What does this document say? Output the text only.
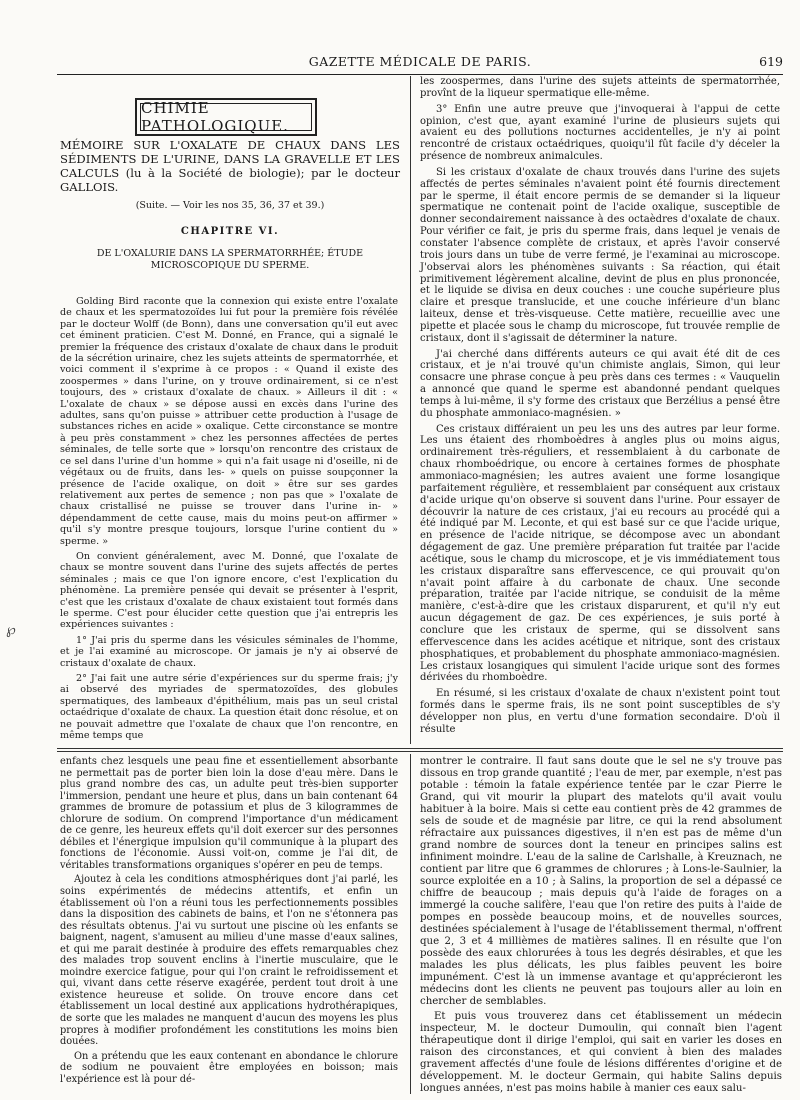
GAZETTE MÉDICALE DE PARIS.	619
CHIMIE PATHOLOGIQUE.
MÉMOIRE SUR L'OXALATE DE CHAUX DANS LES SÉDIMENTS DE L'URINE, DANS LA GRAVELLE ET LES CALCULS (lu à la Société de biologie); par le docteur GALLOIS.
(Suite. — Voir les nos 35, 36, 37 et 39.)
CHAPITRE VI.
DE L'OXALURIE DANS LA SPERMATORRHÉE; ÉTUDE MICROSCOPIQUE DU SPERME.

Golding Bird raconte que la connexion qui existe entre l'oxalate de chaux et les spermatozoïdes lui fut pour la première fois révélée par le docteur Wolff (de Bonn), dans une conversation qu'il eut avec cet éminent praticien. C'est M. Donné, en France, qui a signalé le premier la fréquence des cristaux d'oxalate de chaux dans le produit de la sécrétion urinaire, chez les sujets atteints de spermatorrhée, et voici comment il s'exprime à ce propos : « Quand il existe des zoospermes » dans l'urine, on y trouve ordinairement, si ce n'est toujours, des » cristaux d'oxalate de chaux. » Ailleurs il dit : « L'oxalate de chaux » se dépose aussi en excès dans l'urine des adultes, sans qu'on puisse » attribuer cette production à l'usage de substances riches en acide » oxalique. Cette circonstance se montre à peu près constamment » chez les personnes affectées de pertes séminales, de telle sorte que » lorsqu'on rencontre des cristaux de ce sel dans l'urine d'un homme » qui n'a fait usage ni d'oseille, ni de végétaux ou de fruits, dans les- » quels on puisse soupçonner la présence de l'acide oxalique, on doit » être sur ses gardes relativement aux pertes de semence ; non pas que » l'oxalate de chaux cristallisé ne puisse se trouver dans l'urine in- » dépendamment de cette cause, mais du moins peut-on affirmer » qu'il s'y montre presque toujours, lorsque l'urine contient du » sperme. »

On convient généralement, avec M. Donné, que l'oxalate de chaux se montre souvent dans l'urine des sujets affectés de pertes séminales ; mais ce que l'on ignore encore, c'est l'explication du phénomène. La première pensée qui devait se présenter à l'esprit, c'est que les cristaux d'oxalate de chaux existaient tout formés dans le sperme. C'est pour élucider cette question que j'ai entrepris les expériences suivantes :

1° J'ai pris du sperme dans les vésicules séminales de l'homme, et je l'ai examiné au microscope. Or jamais je n'y ai observé de cristaux d'oxalate de chaux.

2° J'ai fait une autre série d'expériences sur du sperme frais; j'y ai observé des myriades de spermatozoïdes, des globules spermatiques, des lambeaux d'épithélium, mais pas un seul cristal octaédrique d'oxalate de chaux. La question était donc résolue, et on ne pouvait admettre que l'oxalate de chaux que l'on rencontre, en même temps que

les zoospermes, dans l'urine des sujets atteints de spermatorrhée, provînt de la liqueur spermatique elle-même.

3° Enfin une autre preuve que j'invoquerai à l'appui de cette opinion, c'est que, ayant examiné l'urine de plusieurs sujets qui avaient eu des pollutions nocturnes accidentelles, je n'y ai point rencontré de cristaux octaédriques, quoiqu'il fût facile d'y déceler la présence de nombreux animalcules.

Si les cristaux d'oxalate de chaux trouvés dans l'urine des sujets affectés de pertes séminales n'avaient point été fournis directement par le sperme, il était encore permis de se demander si la liqueur spermatique ne contenait point de l'acide oxalique, susceptible de donner secondairement naissance à des octaèdres d'oxalate de chaux. Pour vérifier ce fait, je pris du sperme frais, dans lequel je venais de constater l'absence complète de cristaux, et après l'avoir conservé trois jours dans un tube de verre fermé, je l'examinai au microscope. J'observai alors les phénomènes suivants : Sa réaction, qui était primitivement légèrement alcaline, devint de plus en plus prononcée, et le liquide se divisa en deux couches : une couche supérieure plus claire et presque translucide, et une couche inférieure d'un blanc laiteux, dense et très-visqueuse. Cette matière, recueillie avec une pipette et placée sous le champ du microscope, fut trouvée remplie de cristaux, dont il s'agissait de déterminer la nature.

J'ai cherché dans différents auteurs ce qui avait été dit de ces cristaux, et je n'ai trouvé qu'un chimiste anglais, Simon, qui leur consacre une phrase conçue à peu près dans ces termes : « Vauquelin a annoncé que quand le sperme est abandonné pendant quelques temps à lui-même, il s'y forme des cristaux que Berzélius a pensé être du phosphate ammoniaco-magnésien. »

Ces cristaux différaient un peu les uns des autres par leur forme. Les uns étaient des rhomboèdres à angles plus ou moins aigus, ordinairement très-réguliers, et ressemblaient à du carbonate de chaux rhomboédrique, ou encore à certaines formes de phosphate ammoniaco-magnésien; les autres avaient une forme losangique parfaitement régulière, et ressemblaient par conséquent aux cristaux d'acide urique qu'on observe si souvent dans l'urine. Pour essayer de découvrir la nature de ces cristaux, j'ai eu recours au procédé qui a été indiqué par M. Leconte, et qui est basé sur ce que l'acide urique, en présence de l'acide nitrique, se décompose avec un abondant dégagement de gaz. Une première préparation fut traitée par l'acide acétique, sous le champ du microscope, et je vis immédiatement tous les cristaux disparaître sans effervescence, ce qui prouvait qu'on n'avait point affaire à du carbonate de chaux. Une seconde préparation, traitée par l'acide nitrique, se conduisit de la même manière, c'est-à-dire que les cristaux disparurent, et qu'il n'y eut aucun dégagement de gaz. De ces expériences, je suis porté à conclure que les cristaux de sperme, qui se dissolvent sans effervescence dans les acides acétique et nitrique, sont des cristaux phosphatiques, et probablement du phosphate ammoniaco-magnésien. Les cristaux losangiques qui simulent l'acide urique sont des formes dérivées du rhomboèdre.

En résumé, si les cristaux d'oxalate de chaux n'existent point tout formés dans le sperme frais, ils ne sont point susceptibles de s'y développer non plus, en vertu d'une formation secondaire. D'où il résulte

enfants chez lesquels une peau fine et essentiellement absorbante ne permettait pas de porter bien loin la dose d'eau mère. Dans le plus grand nombre des cas, un adulte peut très-bien supporter l'immersion, pendant une heure et plus, dans un bain contenant 64 grammes de bromure de potassium et plus de 3 kilogrammes de chlorure de sodium. On comprend l'importance d'un médicament de ce genre, les heureux effets qu'il doit exercer sur des personnes débiles et l'énergique impulsion qu'il communique à la plupart des fonctions de l'économie. Aussi voit-on, comme je l'ai dit, de véritables transformations organiques s'opérer en peu de temps.

Ajoutez à cela les conditions atmosphériques dont j'ai parlé, les soins expérimentés de médecins attentifs, et enfin un établissement où l'on a réuni tous les perfectionnements possibles dans la disposition des cabinets de bains, et l'on ne s'étonnera pas des résultats obtenus. J'ai vu surtout une piscine où les enfants se baignent, nagent, s'amusent au milieu d'une masse d'eaux salines, et qui me parait destinée à produire des effets remarquables chez des malades trop souvent enclins à l'inertie musculaire, que le moindre exercice fatigue, pour qui l'on craint le refroidissement et qui, vivant dans cette réserve exagérée, perdent tout droit à une existence heureuse et solide. On trouve encore dans cet établissement un local destiné aux applications hydrothérapiques, de sorte que les malades ne manquent d'aucun des moyens les plus propres à modifier profondément les constitutions les moins bien douées.

On a prétendu que les eaux contenant en abondance le chlorure de sodium ne pouvaient être employées en boisson; mais l'expérience est là pour dé-

montrer le contraire. Il faut sans doute que le sel ne s'y trouve pas dissous en trop grande quantité ; l'eau de mer, par exemple, n'est pas potable : témoin la fatale expérience tentée par le czar Pierre le Grand, qui vit mourir la plupart des matelots qu'il avait voulu habituer à la boire. Mais si cette eau contient près de 42 grammes de sels de soude et de magnésie par litre, ce qui la rend absolument réfractaire aux puissances digestives, il n'en est pas de même d'un grand nombre de sources dont la teneur en principes salins est infiniment moindre. L'eau de la saline de Carlshalle, à Kreuznach, ne contient par litre que 6 grammes de chlorures ; à Lons-le-Saulnier, la source exploitée en a 10 ; à Salins, la proportion de sel a dépassé ce chiffre de beaucoup ; mais depuis qu'à l'aide de forages on a immergé la couche salifère, l'eau que l'on retire des puits à l'aide de pompes en possède beaucoup moins, et de nouvelles sources, destinées spécialement à l'usage de l'établissement thermal, n'offrent que 2, 3 et 4 millièmes de matières salines. Il en résulte que l'on possède des eaux chlorurées à tous les degrés désirables, et que les malades les plus délicats, les plus faibles peuvent les boire impunément. C'est là un immense avantage et qu'apprécieront les médecins dont les clients ne peuvent pas toujours aller au loin en chercher de semblables.

Et puis vous trouverez dans cet établissement un médecin inspecteur, M. le docteur Dumoulin, qui connaît bien l'agent thérapeutique dont il dirige l'emploi, qui sait en varier les doses en raison des circonstances, et qui convient à bien des malades gravement affectés d'une foule de lésions différentes d'origine et de développement. M. le docteur Germain, qui habite Salins depuis longues années, n'est pas moins habile à manier ces eaux salu-

℘
